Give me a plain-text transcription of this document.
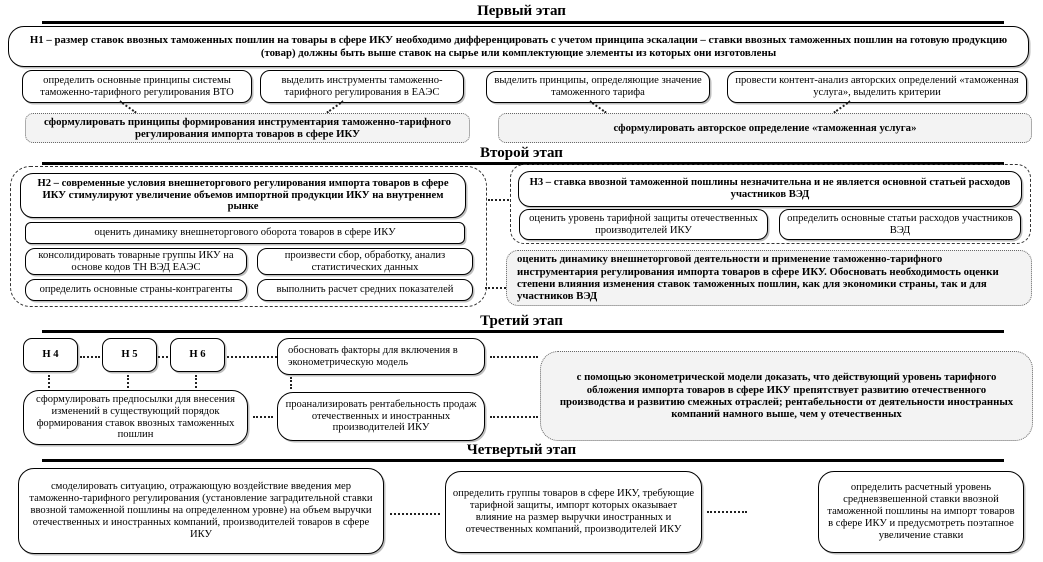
Первый этап
Н1 – размер ставок ввозных таможенных пошлин на товары в сфере ИКУ необходимо дифференцировать с учетом принципа эскалации – ставки ввозных таможенных пошлин на готовую продукцию (товар) должны быть выше ставок на сырье или комплектующие элементы из которых они изготовлены
определить основные принципы системы таможенно-тарифного регулирования ВТО
выделить инструменты таможенно-тарифного регулирования в ЕАЭС
выделить принципы, определяющие значение таможенного тарифа
провести контент-анализ авторских определений «таможенная услуга», выделить критерии
сформулировать принципы формирования инструментария таможенно-тарифного регулирования импорта товаров в сфере ИКУ
сформулировать авторское определение «таможенная услуга»
Второй этап
Н2 – современные условия внешнеторгового регулирования импорта товаров в сфере ИКУ стимулируют увеличение объемов импортной продукции ИКУ на внутреннем рынке
оценить динамику внешнеторгового оборота товаров в сфере ИКУ
консолидировать товарные группы ИКУ на основе кодов ТН ВЭД ЕАЭС
произвести сбор, обработку, анализ статистических данных
определить основные страны-контрагенты	выполнить расчет средних показателей
Н3 – ставка ввозной таможенной пошлины незначительна и не является основной статьей расходов участников ВЭД
оценить уровень тарифной защиты отечественных производителей ИКУ
определить основные статьи расходов участников ВЭД
оценить динамику внешнеторговой деятельности и применение таможенно-тарифного инструментария регулирования импорта товаров в сфере ИКУ. Обосновать необходимость оценки степени влияния изменения ставок таможенных пошлин, как для экономики страны, так и для участников ВЭД
Третий этап
Н 4	Н 5	Н 6	обосновать факторы для включения в эконометрическую модель
сформулировать предпосылки для внесения изменений в существующий порядок формирования ставок ввозных таможенных пошлин
проанализировать рентабельность продаж отечественных и иностранных производителей ИКУ
с помощью эконометрической модели доказать, что действующий уровень тарифного обложения импорта товаров в сфере ИКУ препятствует развитию отечественного производства и развитию смежных отраслей; рентабельности от деятельности иностранных компаний намного выше, чем у отечественных
Четвертый этап
смоделировать ситуацию, отражающую воздействие введения мер таможенно-тарифного регулирования (установление заградительной ставки ввозной таможенной пошлины на определенном уровне) на объем выручки отечественных и иностранных компаний, производителей товаров в сфере ИКУ
определить группы товаров в сфере ИКУ, требующие тарифной защиты, импорт которых оказывает влияние на размер выручки иностранных и отечественных компаний, производителей ИКУ
определить расчетный уровень средневзвешенной ставки ввозной таможенной пошлины на импорт товаров в сфере ИКУ и предусмотреть поэтапное увеличение ставки
